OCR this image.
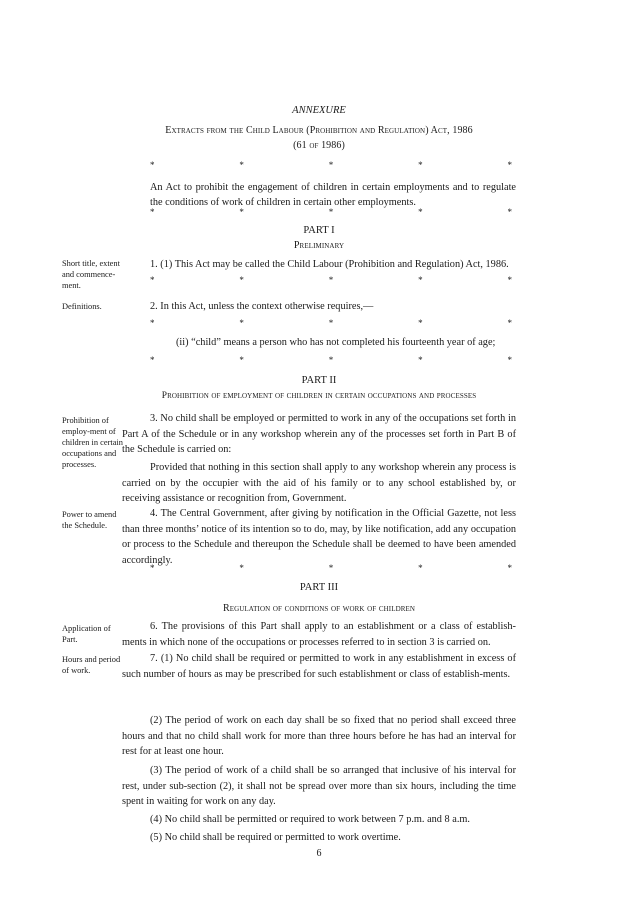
ANNEXURE
Extracts from the Child Labour (Prohibition and Regulation) Act, 1986
(61 of 1986)
*	*	*	*	*
An Act to prohibit the engagement of children in certain employments and to regulate the conditions of work of children in certain other employments.
*	*	*	*	*
PART I
Preliminary
Short title, extent and commence-ment.
1. (1) This Act may be called the Child Labour (Prohibition and Regulation) Act, 1986.
*	*	*	*	*
Definitions.	2. In this Act, unless the context otherwise requires,—
*	*	*	*	*
(ii) “child” means a person who has not completed his fourteenth year of age;
*	*	*	*	*
PART II
Prohibition of employment of children in certain occupations and processes
Prohibition of employ-ment of children in certain occupations and processes.
3. No child shall be employed or permitted to work in any of the occupations set forth in Part A of the Schedule or in any workshop wherein any of the processes set forth in Part B of the Schedule is carried on:
Provided that nothing in this section shall apply to any workshop wherein any process is carried on by the occupier with the aid of his family or to any school established by, or receiving assistance or recognition from, Government.
Power to amend the Schedule.
4. The Central Government, after giving by notification in the Official Gazette, not less than three months’ notice of its intention so to do, may, by like notification, add any occupation or process to the Schedule and thereupon the Schedule shall be deemed to have been amended accordingly.
*	*	*	*	*
PART III
Regulation of conditions of work of children
Application of Part.
6. The provisions of this Part shall apply to an establishment or a class of establish-ments in which none of the occupations or processes referred to in section 3 is carried on.
Hours and period of work.
7. (1) No child shall be required or permitted to work in any establishment in excess of such number of hours as may be prescribed for such establishment or class of establish-ments.
(2) The period of work on each day shall be so fixed that no period shall exceed three hours and that no child shall work for more than three hours before he has had an interval for rest for at least one hour.
(3) The period of work of a child shall be so arranged that inclusive of his interval for rest, under sub-section (2), it shall not be spread over more than six hours, including the time spent in waiting for work on any day.
(4) No child shall be permitted or required to work between 7 p.m. and 8 a.m.
(5) No child shall be required or permitted to work overtime.
6
